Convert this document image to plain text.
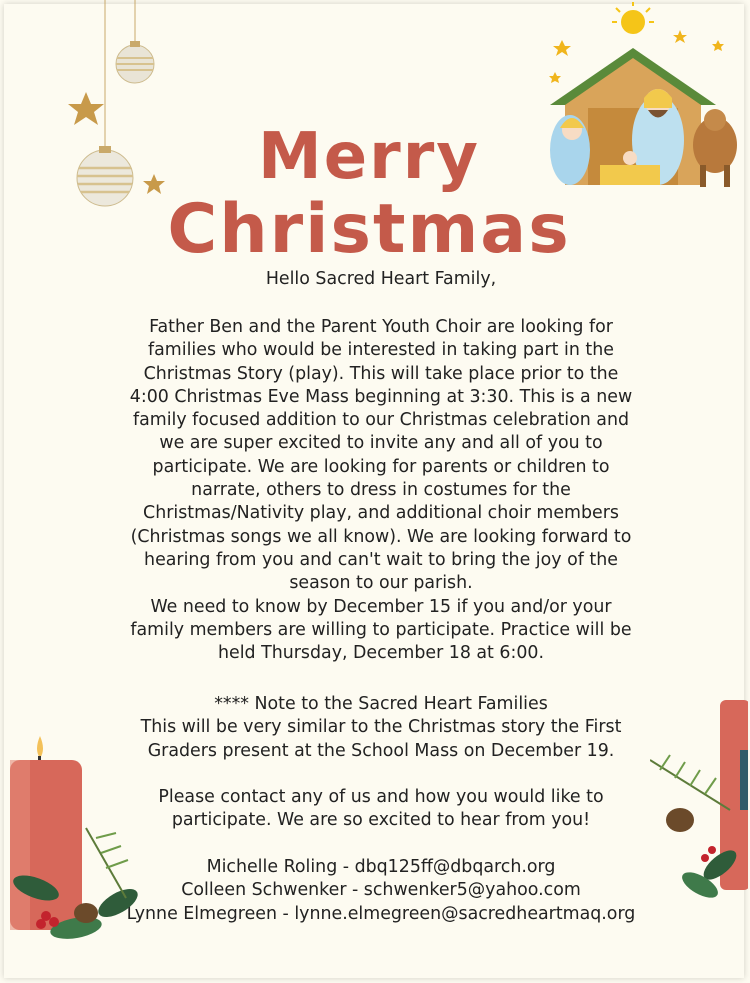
Merry
Christmas
Hello Sacred Heart Family,
Father Ben and the Parent Youth Choir are looking for
families who would be interested in taking part in the
Christmas Story (play). This will take place prior to the
4:00 Christmas Eve Mass beginning at 3:30. This is a new
family focused addition to our Christmas celebration and
we are super excited to invite any and all of you to
participate. We are looking for parents or children to
narrate, others to dress in costumes for the
Christmas/Nativity play, and additional choir members
(Christmas songs we all know). We are looking forward to
hearing from you and can't wait to bring the joy of the
season to our parish.
We need to know by December 15 if you and/or your
family members are willing to participate. Practice will be
held Thursday, December 18 at 6:00.
**** Note to the Sacred Heart Families
This will be very similar to the Christmas story the First
Graders present at the School Mass on December 19.
Please contact any of us and how you would like to
participate. We are so excited to hear from you!
Michelle Roling - dbq125ff@dbqarch.org
Colleen Schwenker - schwenker5@yahoo.com
Lynne Elmegreen - lynne.elmegreen@sacredheartmaq.org
